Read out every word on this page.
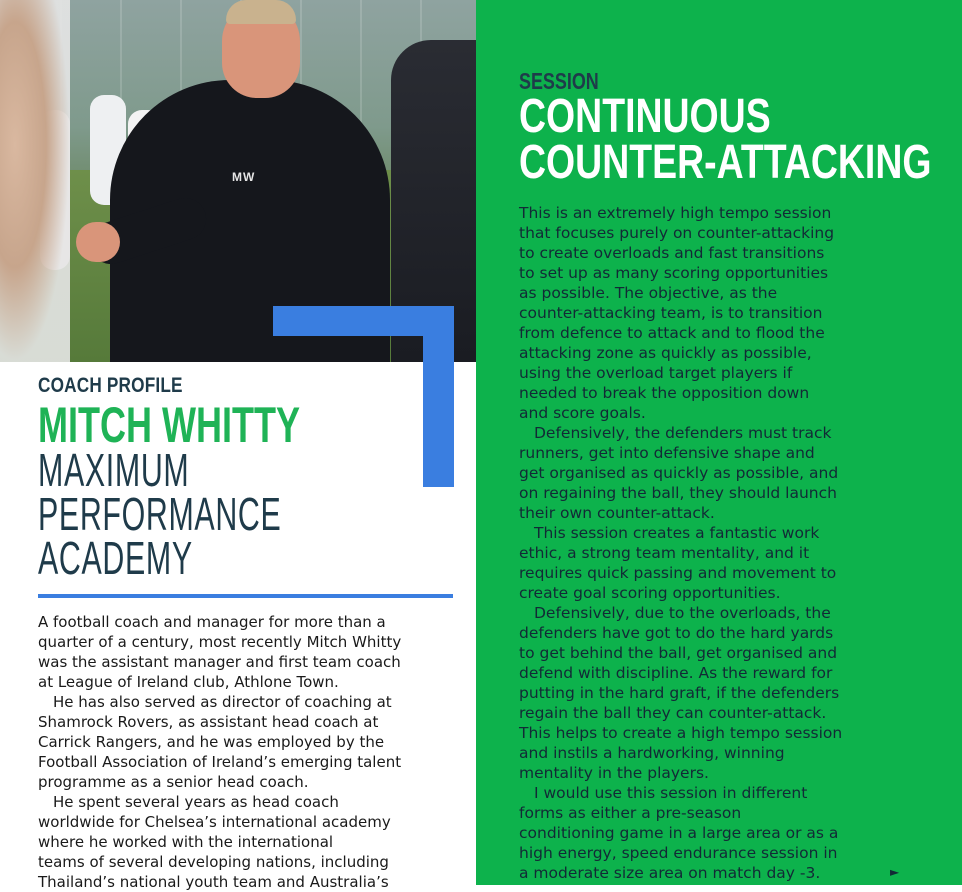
MW
COACH PROFILE
MITCH WHITTY
MAXIMUM
PERFORMANCE
ACADEMY
A football coach and manager for more than a
quarter of a century, most recently Mitch Whitty
was the assistant manager and first team coach
at League of Ireland club, Athlone Town.
He has also served as director of coaching at
Shamrock Rovers, as assistant head coach at
Carrick Rangers, and he was employed by the
Football Association of Ireland’s emerging talent
programme as a senior head coach.
He spent several years as head coach
worldwide for Chelsea’s international academy
where he worked with the international
teams of several developing nations, including
Thailand’s national youth team and Australia’s
SESSION
CONTINUOUS
COUNTER-ATTACKING
This is an extremely high tempo session
that focuses purely on counter-attacking
to create overloads and fast transitions
to set up as many scoring opportunities
as possible. The objective, as the
counter-attacking team, is to transition
from defence to attack and to flood the
attacking zone as quickly as possible,
using the overload target players if
needed to break the opposition down
and score goals.
Defensively, the defenders must track
runners, get into defensive shape and
get organised as quickly as possible, and
on regaining the ball, they should launch
their own counter-attack.
This session creates a fantastic work
ethic, a strong team mentality, and it
requires quick passing and movement to
create goal scoring opportunities.
Defensively, due to the overloads, the
defenders have got to do the hard yards
to get behind the ball, get organised and
defend with discipline. As the reward for
putting in the hard graft, if the defenders
regain the ball they can counter-attack.
This helps to create a high tempo session
and instils a hardworking, winning
mentality in the players.
I would use this session in different
forms as either a pre-season
conditioning game in a large area or as a
high energy, speed endurance session in
a moderate size area on match day -3.	►
